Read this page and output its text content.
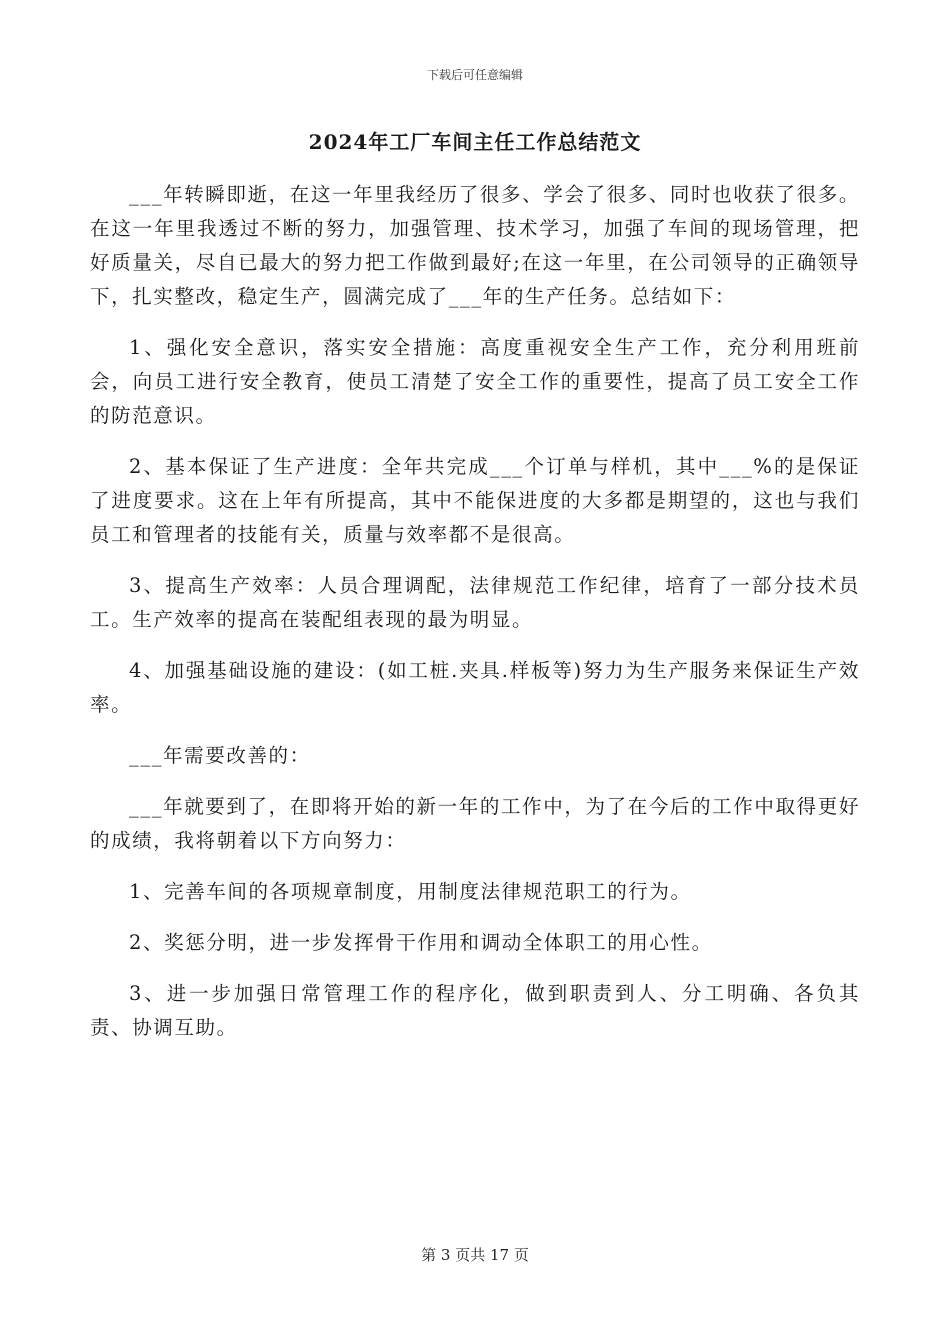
下载后可任意编辑
2024年工厂车间主任工作总结范文

___年转瞬即逝，在这一年里我经历了很多、学会了很多、同时也收获了很多。在这一年里我透过不断的努力，加强管理、技术学习，加强了车间的现场管理，把好质量关，尽自已最大的努力把工作做到最好;在这一年里，在公司领导的正确领导下，扎实整改，稳定生产，圆满完成了___年的生产任务。总结如下：

1、强化安全意识，落实安全措施：高度重视安全生产工作，充分利用班前会，向员工进行安全教育，使员工清楚了安全工作的重要性，提高了员工安全工作的防范意识。

2、基本保证了生产进度：全年共完成___个订单与样机，其中___%的是保证了进度要求。这在上年有所提高，其中不能保进度的大多都是期望的，这也与我们员工和管理者的技能有关，质量与效率都不是很高。

3、提高生产效率：人员合理调配，法律规范工作纪律，培育了一部分技术员工。生产效率的提高在装配组表现的最为明显。

4、加强基础设施的建设：(如工桩.夹具.样板等)努力为生产服务来保证生产效率。

___年需要改善的：

___年就要到了，在即将开始的新一年的工作中，为了在今后的工作中取得更好的成绩，我将朝着以下方向努力：

1、完善车间的各项规章制度，用制度法律规范职工的行为。

2、奖惩分明，进一步发挥骨干作用和调动全体职工的用心性。

3、进一步加强日常管理工作的程序化，做到职责到人、分工明确、各负其责、协调互助。

第 3 页共 17 页
